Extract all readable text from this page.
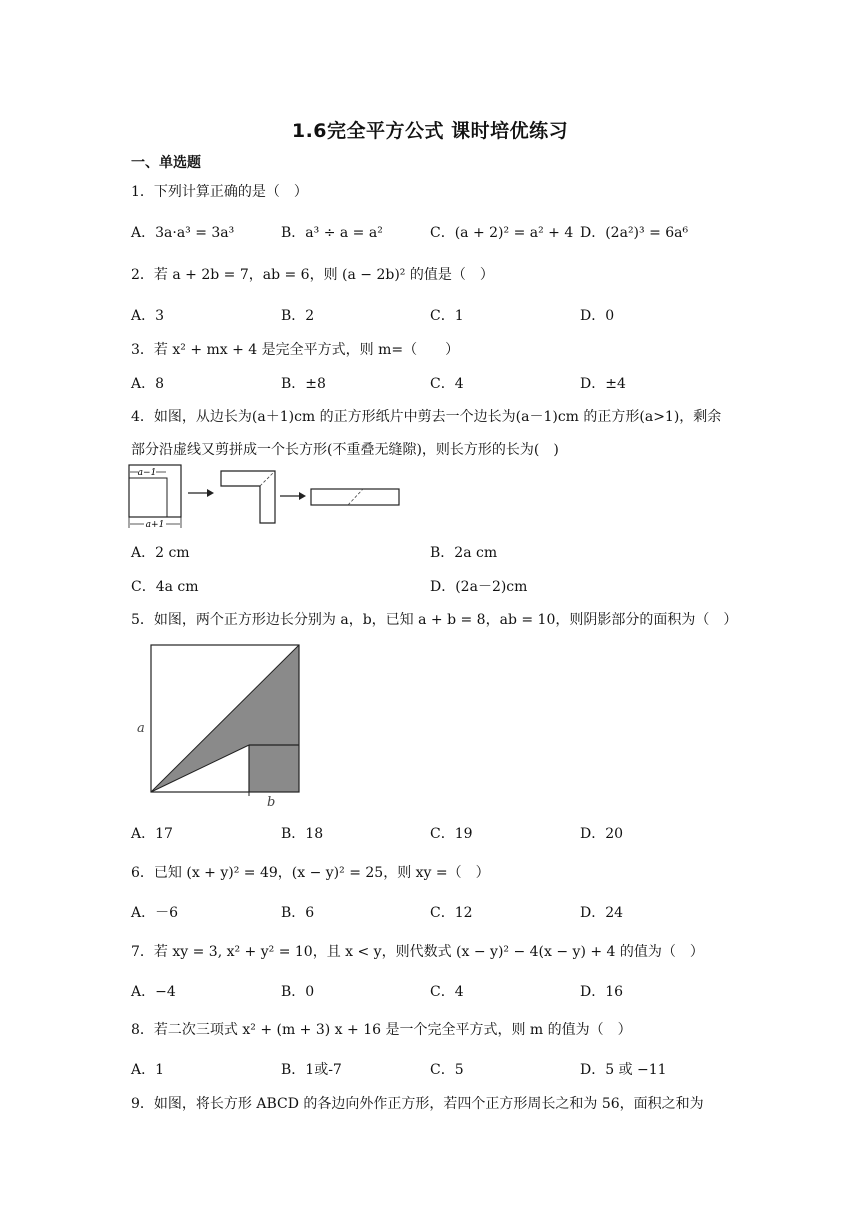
1.6完全平方公式 课时培优练习
一、单选题
1．下列计算正确的是（　）
A．3a·a³ = 3a³	B．a³ ÷ a = a²	C．(a + 2)² = a² + 4 D．(2a²)³ = 6a⁶
2．若 a + 2b = 7，ab = 6，则 (a − 2b)² 的值是（　）
A．3	B．2	C．1	D．0
3．若 x² + mx + 4 是完全平方式，则 m=（　　）
A．8	B．±8	C．4	D．±4
4．如图，从边长为(a＋1)cm 的正方形纸片中剪去一个边长为(a－1)cm 的正方形(a>1)，剩余
部分沿虚线又剪拼成一个长方形(不重叠无缝隙)，则长方形的长为(　)
a−1
a+1
A．2 cm	B．2a cm
C．4a cm	D．(2a－2)cm
5．如图，两个正方形边长分别为 a，b，已知 a + b = 8，ab = 10，则阴影部分的面积为（　）
a
b
A．17	B．18	C．19	D．20
6．已知 (x + y)² = 49，(x − y)² = 25，则 xy =（　）
A．－6	B．6	C．12	D．24
7．若 xy = 3, x² + y² = 10，且 x < y，则代数式 (x − y)² − 4(x − y) + 4 的值为（　）
A．−4	B．0	C．4	D．16
8．若二次三项式 x² + (m + 3) x + 16 是一个完全平方式，则 m 的值为（　）
A．1	B．1或-7	C．5	D．5 或 −11
9．如图，将长方形 ABCD 的各边向外作正方形，若四个正方形周长之和为 56，面积之和为
